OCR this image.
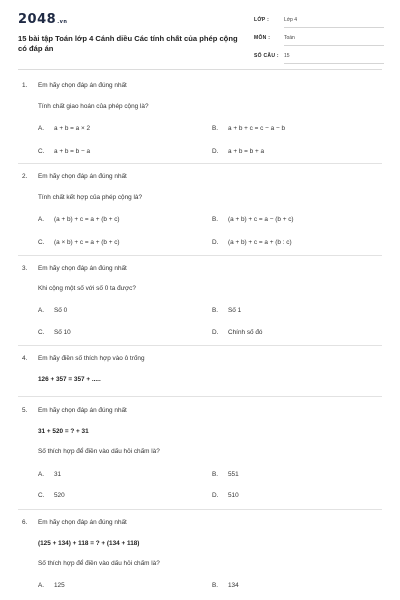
2048.vn
15 bài tập Toán lớp 4 Cánh diều Các tính chất của phép cộng có đáp án
LỚP :	Lớp 4
MÔN :	Toán
SỐ CÂU : 15
1. Em hãy chọn đáp án đúng nhất
Tính chất giao hoán của phép cộng là?
A. a + b = a × 2	B. a + b + c = c − a − b
C. a + b = b − a	D. a + b = b + a
2. Em hãy chọn đáp án đúng nhất
Tính chất kết hợp của phép cộng là?
A. (a + b) + c = a + (b + c)	B. (a + b) + c = a − (b + c)
C. (a × b) + c = a + (b + c)	D. (a + b) + c = a + (b : c)
3. Em hãy chọn đáp án đúng nhất
Khi cộng một số với số 0 ta được?
A. Số 0	B. Số 1
C. Số 10	D. Chính số đó
4. Em hãy điền số thích hợp vào ô trống
126 + 357 = 357 + .....
5. Em hãy chọn đáp án đúng nhất
31 + 520 = ? + 31
Số thích hợp để điền vào dấu hỏi chấm là?
A. 31	B. 551
C. 520	D. 510
6. Em hãy chọn đáp án đúng nhất
(125 + 134) + 118 = ? + (134 + 118)
Số thích hợp để điền vào dấu hỏi chấm là?
A. 125	B. 134
